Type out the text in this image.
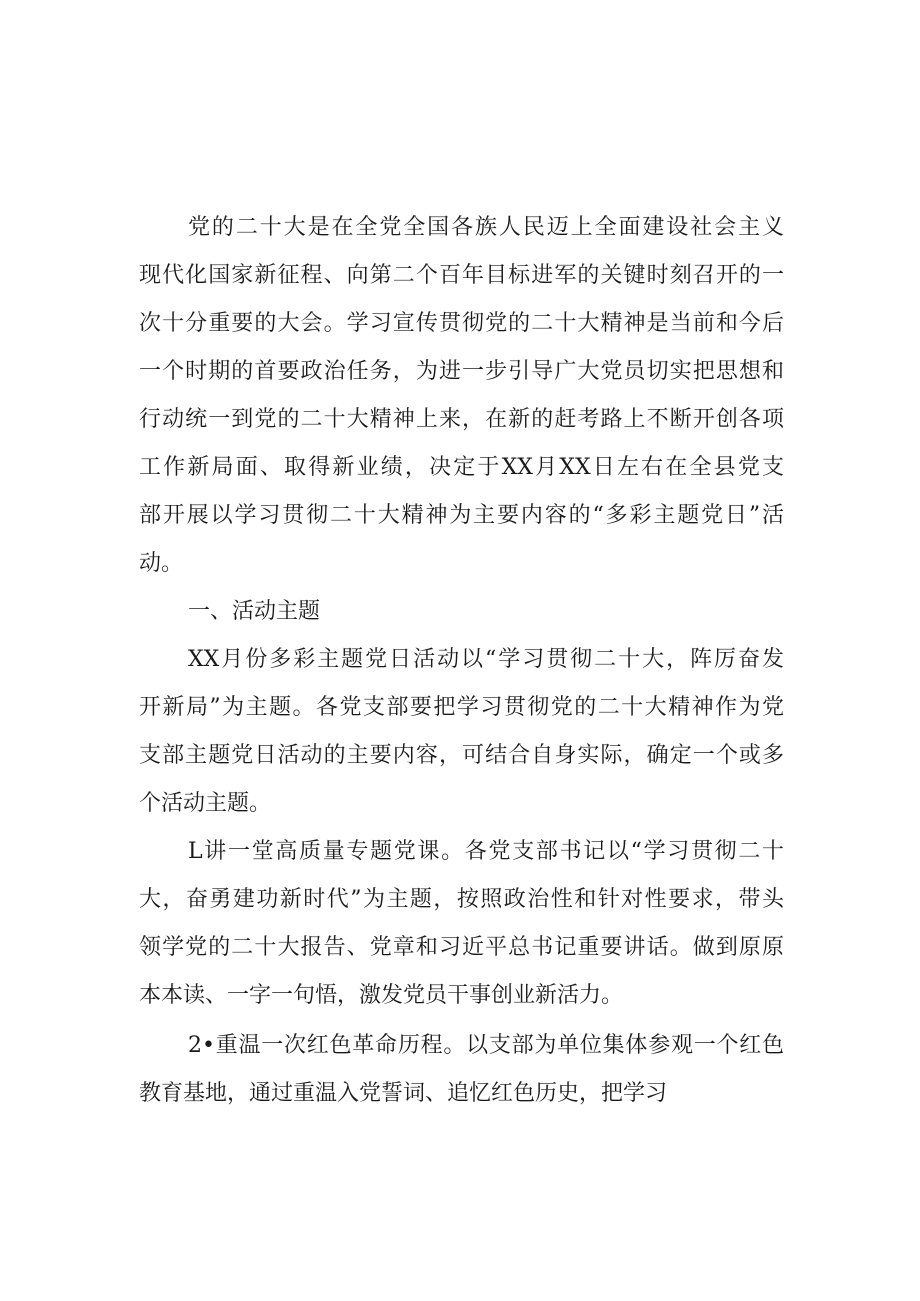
党的二十大是在全党全国各族人民迈上全面建设社会主义
现代化国家新征程、向第二个百年目标进军的关键时刻召开的一
次十分重要的大会。学习宣传贯彻党的二十大精神是当前和今后
一个时期的首要政治任务，为进一步引导广大党员切实把思想和
行动统一到党的二十大精神上来，在新的赶考路上不断开创各项
工作新局面、取得新业绩，决定于XX月XX日左右在全县党支
部开展以学习贯彻二十大精神为主要内容的“多彩主题党日”活
动。
一、活动主题
XX月份多彩主题党日活动以“学习贯彻二十大，阵厉奋发
开新局”为主题。各党支部要把学习贯彻党的二十大精神作为党
支部主题党日活动的主要内容，可结合自身实际，确定一个或多
个活动主题。
L讲一堂高质量专题党课。各党支部书记以“学习贯彻二十
大，奋勇建功新时代”为主题，按照政治性和针对性要求，带头
领学党的二十大报告、党章和习近平总书记重要讲话。做到原原
本本读、一字一句悟，激发党员干事创业新活力。
2•重温一次红色革命历程。以支部为单位集体参观一个红色
教育基地，通过重温入党誓词、追忆红色历史，把学习
